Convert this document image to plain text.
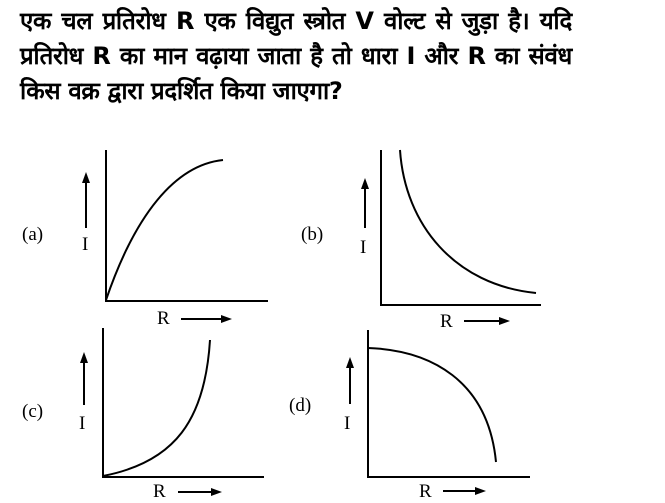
एक चल प्रतिरोध R एक विद्युत स्त्रोत V वोल्ट से जुड़ा है। यदि प्रतिरोध R का मान वढ़ाया जाता है तो धारा I और R का संवंध किस वक्र द्वारा प्रदर्शित किया जाएगा?

(a) I
R
(b)
I
R
(c)
I
R
(d)
I
R
